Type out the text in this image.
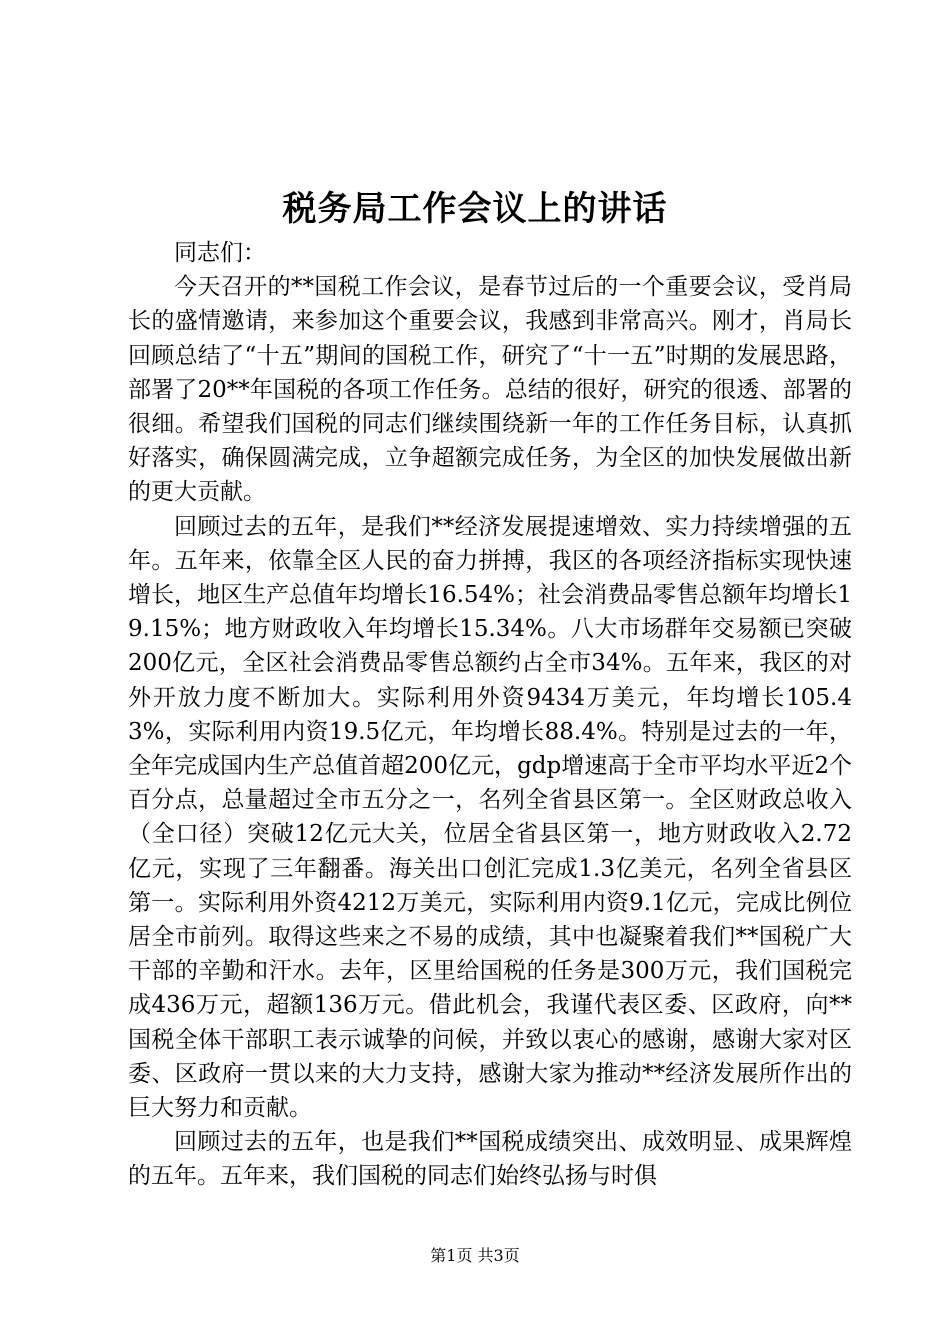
税务局工作会议上的讲话

同志们：

今天召开的**国税工作会议，是春节过后的一个重要会议，受肖局长的盛情邀请，来参加这个重要会议，我感到非常高兴。刚才，肖局长回顾总结了“十五”期间的国税工作，研究了“十一五”时期的发展思路，部署了20**年国税的各项工作任务。总结的很好，研究的很透、部署的很细。希望我们国税的同志们继续围绕新一年的工作任务目标，认真抓好落实，确保圆满完成，立争超额完成任务，为全区的加快发展做出新的更大贡献。

回顾过去的五年，是我们**经济发展提速增效、实力持续增强的五年。五年来，依靠全区人民的奋力拼搏，我区的各项经济指标实现快速增长，地区生产总值年均增长16.54%；社会消费品零售总额年均增长19.15%；地方财政收入年均增长15.34%。八大市场群年交易额已突破200亿元，全区社会消费品零售总额约占全市34%。五年来，我区的对外开放力度不断加大。实际利用外资9434万美元，年均增长105.43%，实际利用内资19.5亿元，年均增长88.4%。特别是过去的一年，全年完成国内生产总值首超200亿元，gdp增速高于全市平均水平近2个百分点，总量超过全市五分之一，名列全省县区第一。全区财政总收入（全口径）突破12亿元大关，位居全省县区第一，地方财政收入2.72亿元，实现了三年翻番。海关出口创汇完成1.3亿美元，名列全省县区第一。实际利用外资4212万美元，实际利用内资9.1亿元，完成比例位居全市前列。取得这些来之不易的成绩，其中也凝聚着我们**国税广大干部的辛勤和汗水。去年，区里给国税的任务是300万元，我们国税完成436万元，超额136万元。借此机会，我谨代表区委、区政府，向**国税全体干部职工表示诚挚的问候，并致以衷心的感谢，感谢大家对区委、区政府一贯以来的大力支持，感谢大家为推动**经济发展所作出的巨大努力和贡献。

回顾过去的五年，也是我们**国税成绩突出、成效明显、成果辉煌的五年。五年来，我们国税的同志们始终弘扬与时俱

第1页 共3页
